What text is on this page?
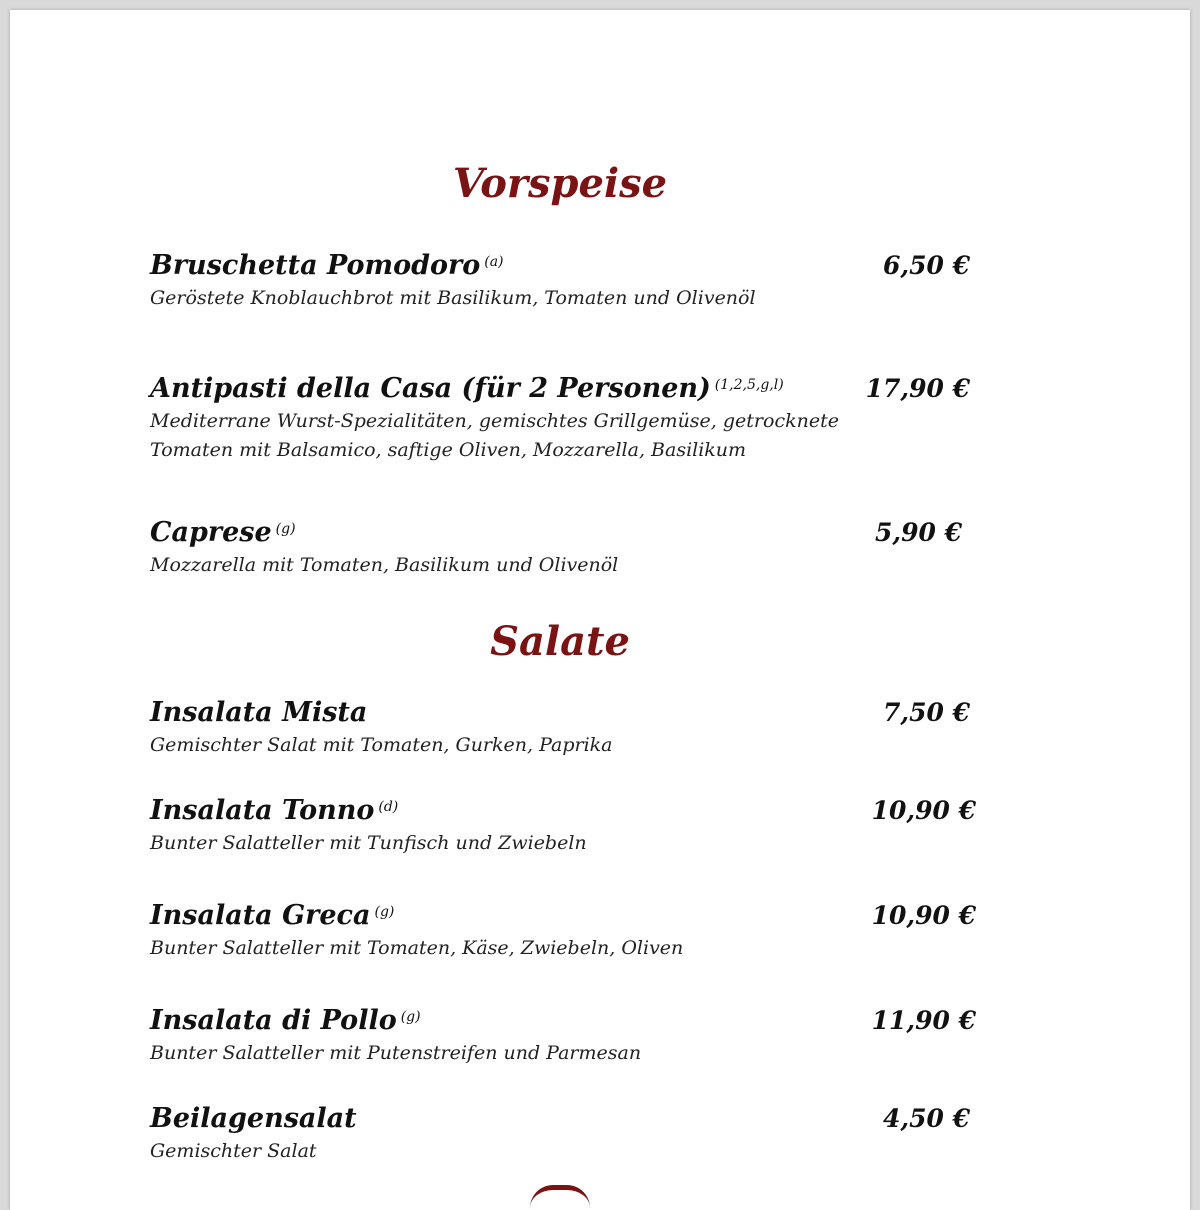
Vorspeise
Bruschetta Pomodoro $^{(a)}$	6,50 €
Geröstete Knoblauchbrot mit Basilikum, Tomaten und Olivenöl
Antipasti della Casa (für 2 Personen) $^{(1,2,5,g,l)}$	17,90 €
Mediterrane Wurst-Spezialitäten, gemischtes Grillgemüse, getrocknete Tomaten mit Balsamico, saftige Oliven, Mozzarella, Basilikum
Caprese $^{(g)}$	5,90 €
Mozzarella mit Tomaten, Basilikum und Olivenöl
Salate
Insalata Mista	7,50 €
Gemischter Salat mit Tomaten, Gurken, Paprika
Insalata Tonno $^{(d)}$	10,90 €
Bunter Salatteller mit Tunfisch und Zwiebeln
Insalata Greca $^{(g)}$	10,90 €
Bunter Salatteller mit Tomaten, Käse, Zwiebeln, Oliven
Insalata di Pollo $^{(g)}$	11,90 €
Bunter Salatteller mit Putenstreifen und Parmesan
Beilagensalat	4,50 €
Gemischter Salat
